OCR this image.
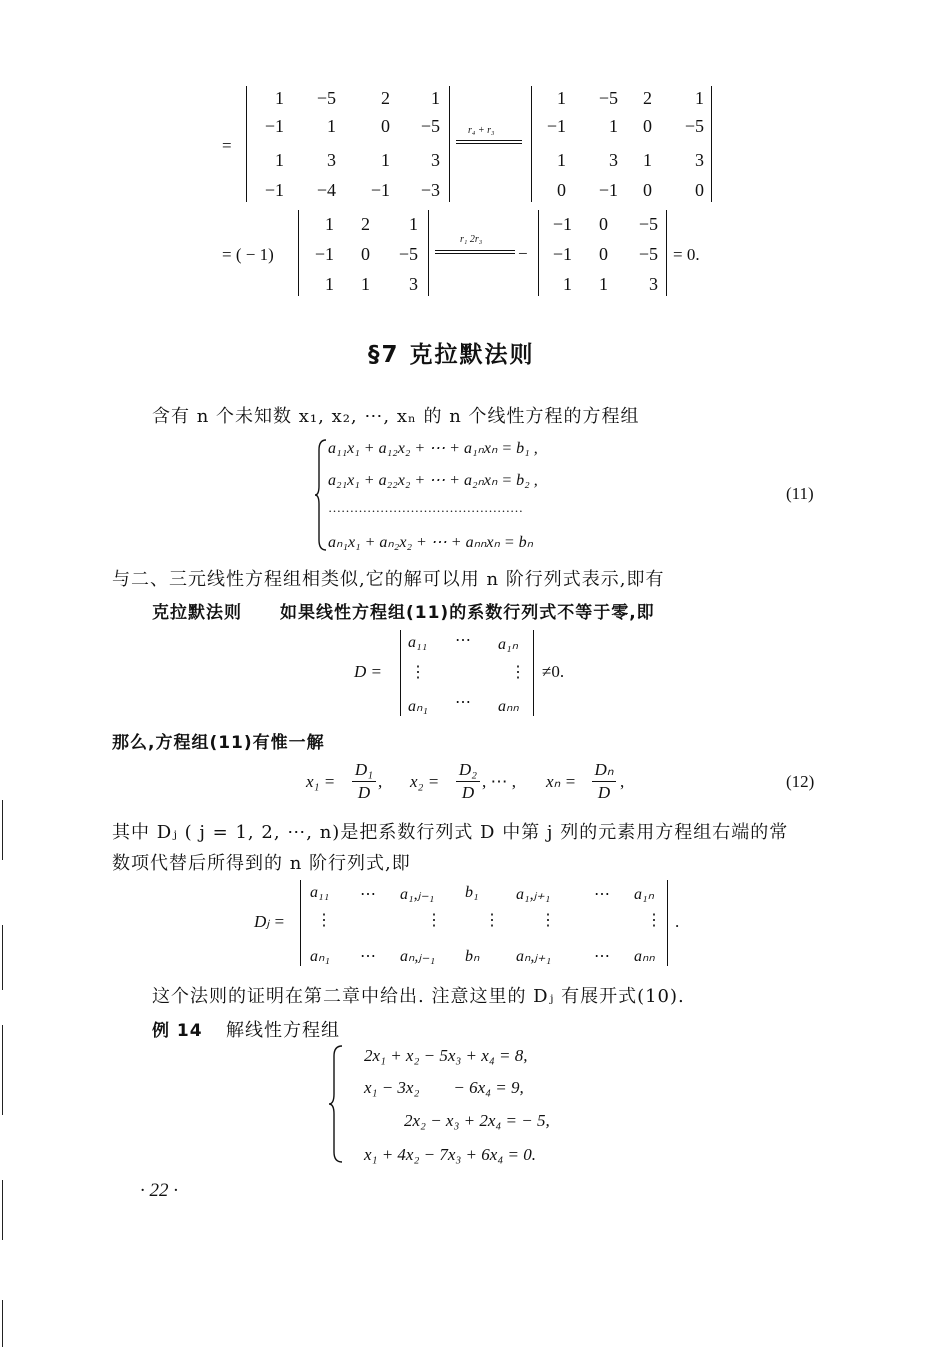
=
1	−5	2	1
−1	1	0	−5
1	3	1	3
−1	−4	−1	−3
r₄ + r₃
1	−5	2	1
−1	1	0	−5
1	3	1	3
0	−1	0	0
= ( − 1)
1	2	1
−1	0	−5
1	1	3
r₁ 2r₃
−
−1	0	−5
−1	0	−5
1	1	3
= 0.
§7 克拉默法则
含有 n 个未知数 x₁, x₂, ⋯, xₙ 的 n 个线性方程的方程组
a₁₁x₁ + a₁₂x₂ + ⋯ + a₁ₙxₙ = b₁ ,
a₂₁x₁ + a₂₂x₂ + ⋯ + a₂ₙxₙ = b₂ ,
………………………………………
aₙ₁x₁ + aₙ₂x₂ + ⋯ + aₙₙxₙ = bₙ
(11)
与二、三元线性方程组相类似,它的解可以用 n 阶行列式表示,即有
克拉默法则 如果线性方程组(11)的系数行列式不等于零,即
D =
a₁₁ ⋯ a₁ₙ
⋮	⋮
aₙ₁ ⋯ aₙₙ
≠0.
那么,方程组(11)有惟一解
x₁ =
D₁
D
, x₂ =
D₂
D
, ⋯ , xₙ =
Dₙ
D
,	(12)
其中 Dⱼ ( j = 1, 2, ⋯, n)是把系数行列式 D 中第 j 列的元素用方程组右端的常
数项代替后所得到的 n 阶行列式,即
Dⱼ =
a₁₁ ⋯ a₁,ⱼ₋₁ b₁ a₁,ⱼ₊₁	⋯ a₁ₙ
⋮	⋮	⋮	⋮	⋮
aₙ₁ ⋯ aₙ,ⱼ₋₁ bₙ aₙ,ⱼ₊₁	⋯ aₙₙ
.
这个法则的证明在第二章中给出. 注意这里的 Dⱼ 有展开式(10).
例 14 解线性方程组
2x₁ + x₂ − 5x₃ + x₄ = 8,
x₁ − 3x₂        − 6x₄ = 9,
2x₂ − x₃ + 2x₄ = − 5,
x₁ + 4x₂ − 7x₃ + 6x₄ = 0.
· 22 ·
